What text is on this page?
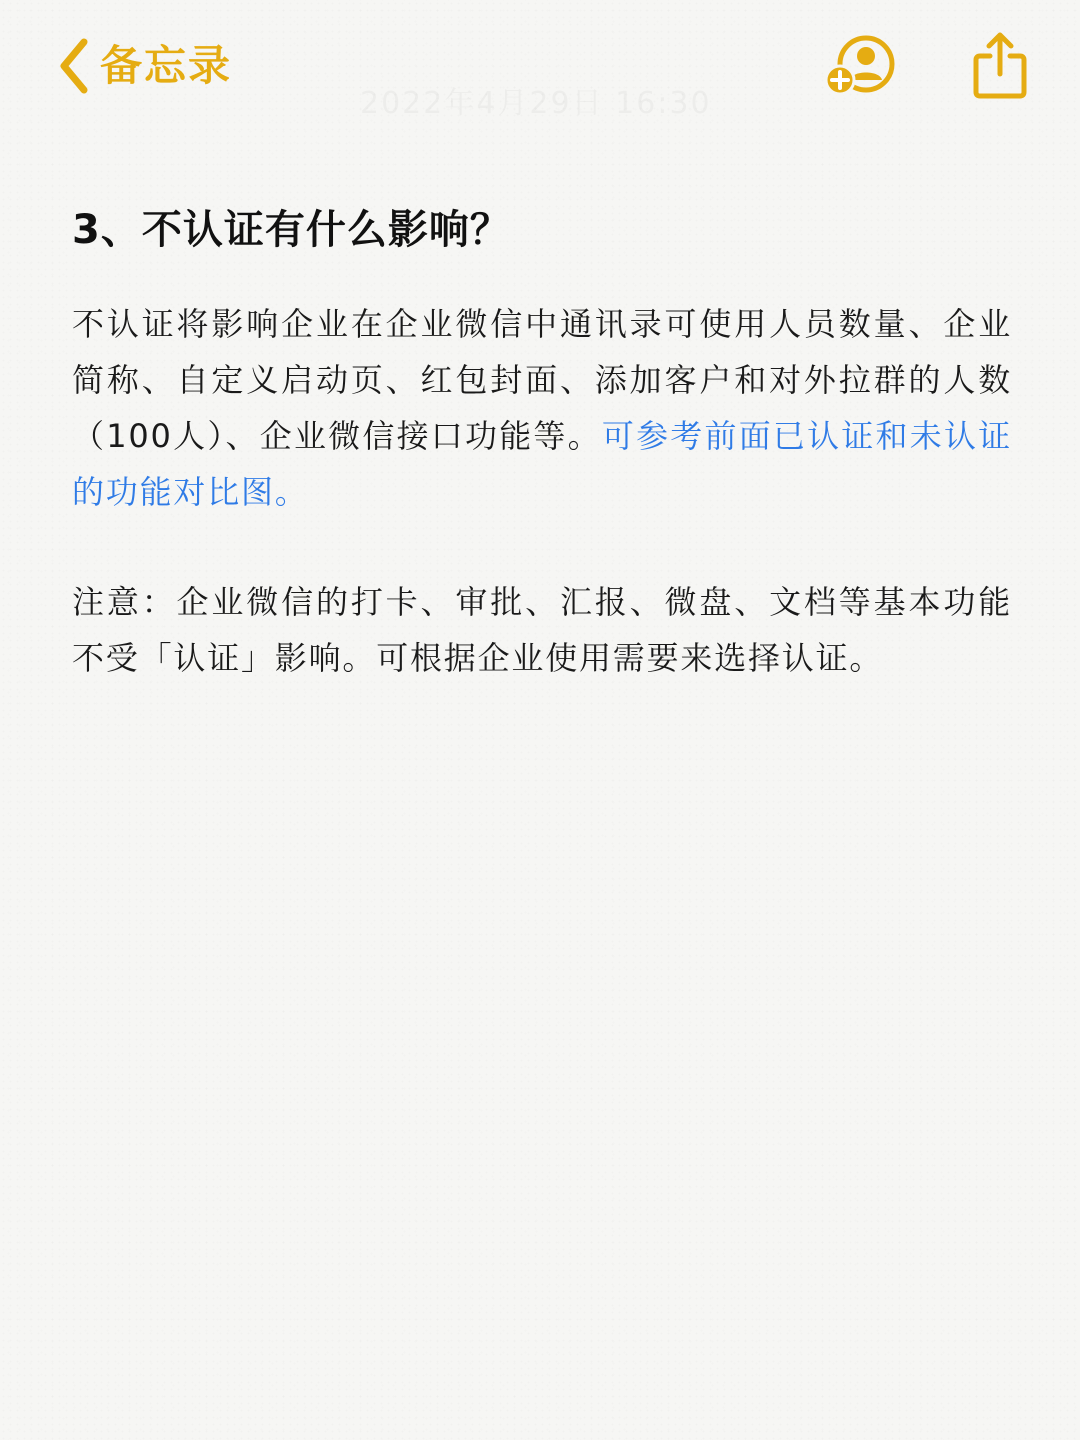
备忘录
3、不认证有什么影响？

不认证将影响企业在企业微信中通讯录可使用人员数量、企业简称、自定义启动页、红包封面、添加客户和对外拉群的人数（100人）、企业微信接口功能等。可参考前面已认证和未认证的功能对比图。

注意：企业微信的打卡、审批、汇报、微盘、文档等基本功能不受「认证」影响。可根据企业使用需要来选择认证。
